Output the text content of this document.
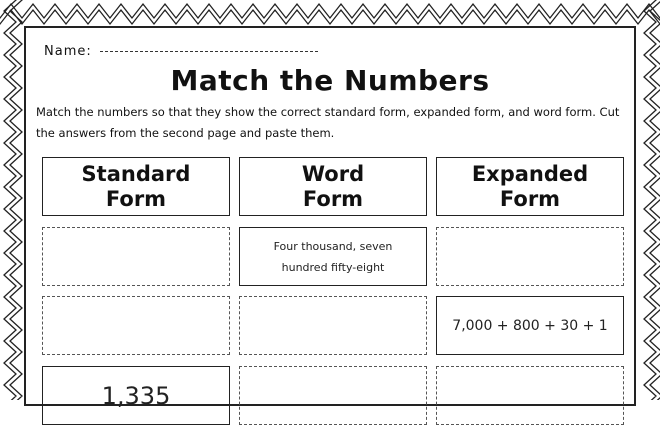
Name:
Match the Numbers
Match the numbers so that they show the correct standard form, expanded form, and word form. Cut the answers from the second page and paste them.
Standard Form
Word Form
Expanded Form
Four thousand, seven hundred fifty-eight
7,000 + 800 + 30 + 1
1,335
